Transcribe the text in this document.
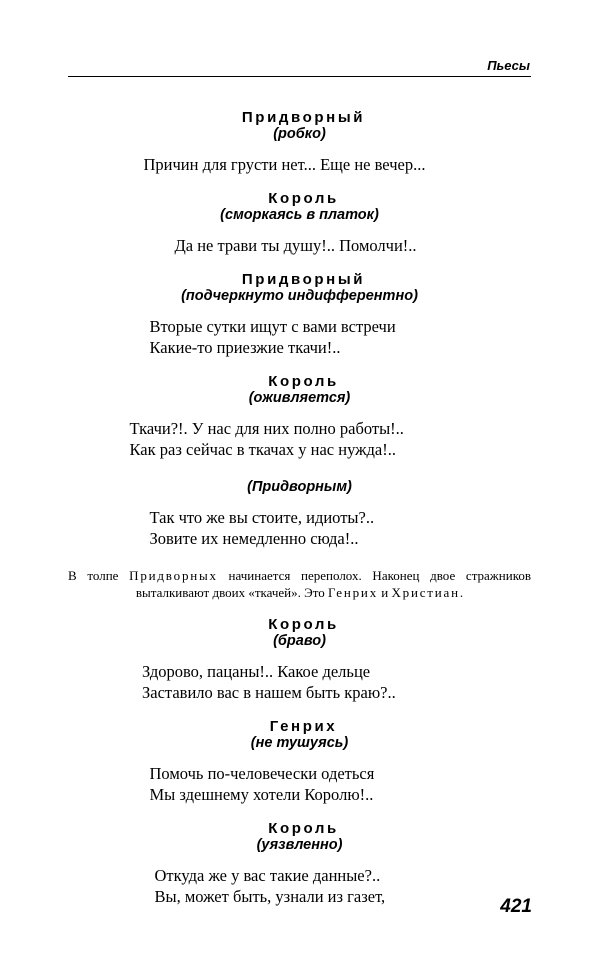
Пьесы
Придворный
(робко)
Причин для грусти нет... Еще не вечер...
Король
(сморкаясь в платок)
Да не трави ты душу!.. Помолчи!..
Придворный
(подчеркнуто индифферентно)
Вторые сутки ищут с вами встречи
Какие-то приезжие ткачи!..
Король
(оживляется)
Ткачи?!. У нас для них полно работы!..
Как раз сейчас в ткачах у нас нужда!..
(Придворным)
Так что же вы стоите, идиоты?..
Зовите их немедленно сюда!..
В толпе Придворных начинается переполох. Наконец двое стражников выталкивают двоих «ткачей». Это Генрих и Христиан.
Король
(браво)
Здорово, пацаны!.. Какое дельце
Заставило вас в нашем быть краю?..
Генрих
(не тушуясь)
Помочь по-человечески одеться
Мы здешнему хотели Королю!..
Король
(уязвленно)
Откуда же у вас такие данные?..
Вы, может быть, узнали из газет,	421
